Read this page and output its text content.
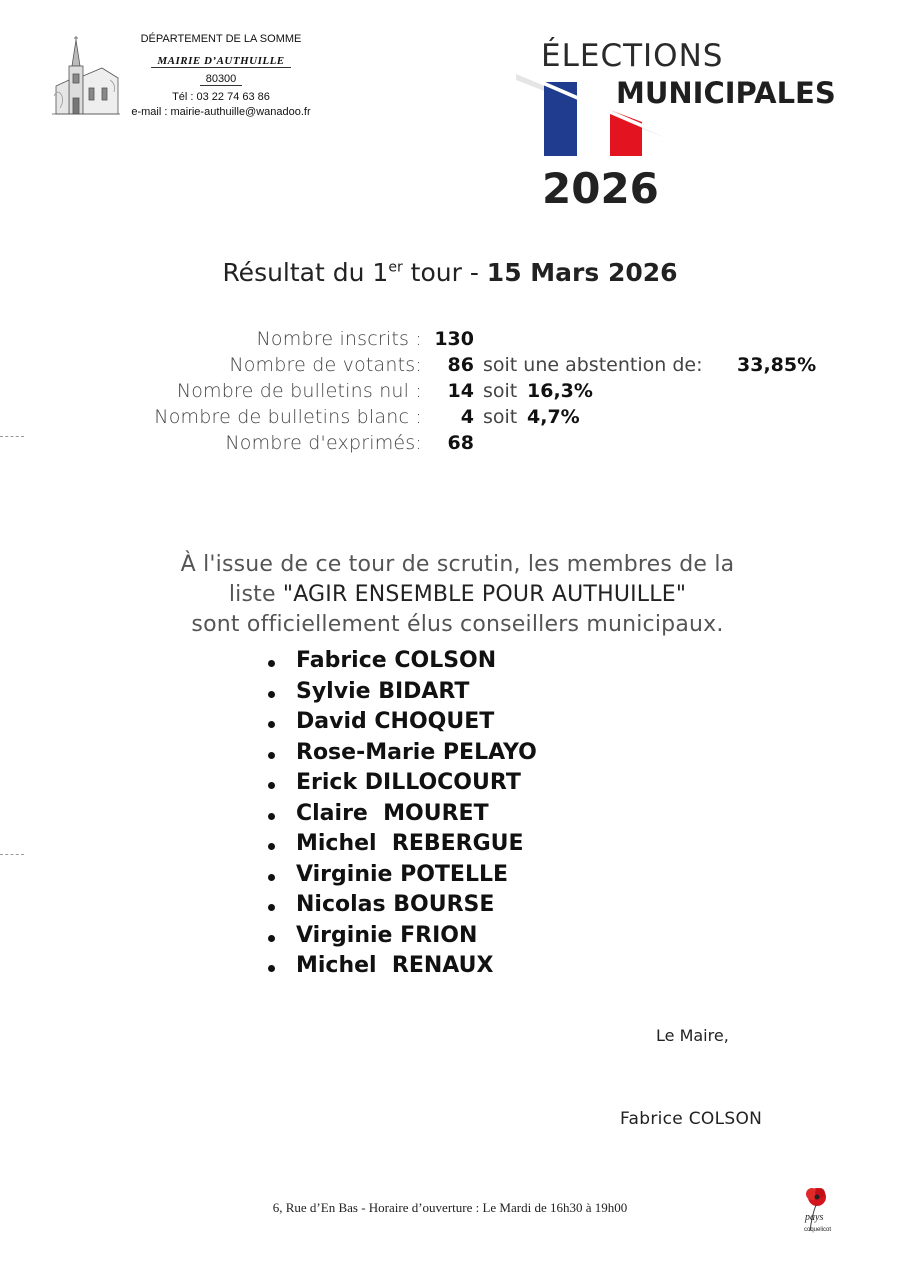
DÉPARTEMENT DE LA SOMME
MAIRIE D’AUTHUILLE
80300
Tél : 03 22 74 63 86
e-mail : mairie-authuille@wanadoo.fr
ÉLECTIONS
MUNICIPALES
2026
Résultat du 1er tour - 15 Mars 2026
Nombre inscrits : 130
Nombre de votants: 86 soit une abstention de: 33,85%
Nombre de bulletins nul : 14 soit 16,3%
Nombre de bulletins blanc : 4 soit 4,7%
Nombre d'exprimés: 68
À l'issue de ce tour de scrutin, les membres de la
liste "AGIR ENSEMBLE POUR AUTHUILLE"
sont officiellement élus conseillers municipaux.
Fabrice COLSON
Sylvie BIDART
David CHOQUET
Rose-Marie PELAYO
Erick DILLOCOURT
Claire  MOURET
Michel  REBERGUE
Virginie POTELLE
Nicolas BOURSE
Virginie FRION
Michel  RENAUX
Le Maire,
Fabrice COLSON
6, Rue d’En Bas - Horaire d’ouverture : Le Mardi de 16h30 à 19h00
pays
coquelicot
